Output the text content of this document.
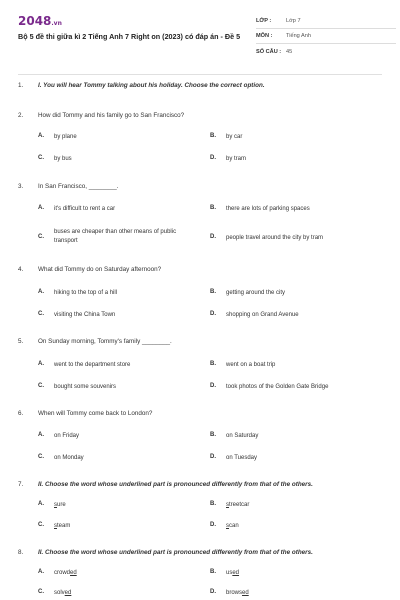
2048.vn
Bộ 5 đề thi giữa kì 2 Tiếng Anh 7 Right on (2023) có đáp án - Đề 5
LỚP :	Lớp 7
MÔN :	Tiếng Anh
SỐ CÂU : 45
1.	I. You will hear Tommy talking about his holiday. Choose the correct option.
2.	How did Tommy and his family go to San Francisco?
A.	by plane	B.	by car
C.	by bus	D.	by tram
3.	In San Francisco, ________.
A.	it's difficult to rent a car	B.	there are lots of parking spaces
C.
buses are cheaper than other means of public transport
D.	people travel around the city by tram
4.	What did Tommy do on Saturday afternoon?
A.	hiking to the top of a hill	B.	getting around the city
C.	visiting the China Town	D.	shopping on Grand Avenue
5.	On Sunday morning, Tommy's family ________.
A.	went to the department store	B.	went on a boat trip
C.	bought some souvenirs	D.	took photos of the Golden Gate Bridge
6.	When will Tommy come back to London?
A.	on Friday	B.	on Saturday
C.	on Monday	D.	on Tuesday
7.	II. Choose the word whose underlined part is pronounced differently from that of the others.
A.	sure	B.	streetcar
C.	steam	D.	scan
8.	II. Choose the word whose underlined part is pronounced differently from that of the others.
A.	crowded	B.	used
C.	solved	D.	browsed
